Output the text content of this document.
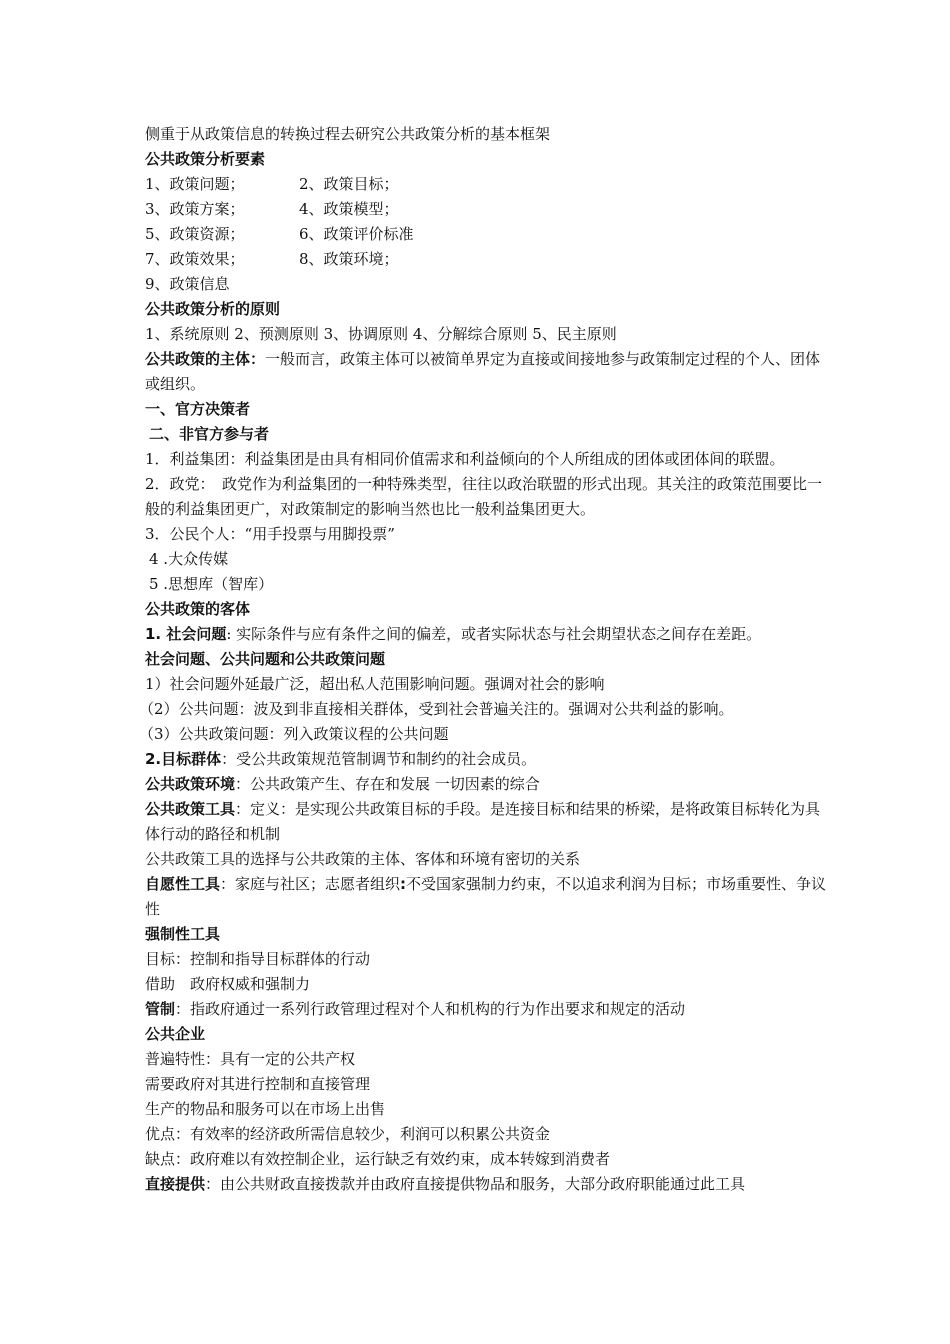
侧重于从政策信息的转换过程去研究公共政策分析的基本框架

公共政策分析要素

1、政策问题；	2、政策目标；

3、政策方案；	4、政策模型；

5、政策资源；	6、政策评价标准

7、政策效果；	8、政策环境；

9、政策信息

公共政策分析的原则

1、系统原则 2、预测原则 3、协调原则 4、分解综合原则 5、民主原则

公共政策的主体：一般而言，政策主体可以被简单界定为直接或间接地参与政策制定过程的个人、团体或组织。

一、官方决策者

二、非官方参与者

1．利益集团：利益集团是由具有相同价值需求和利益倾向的个人所组成的团体或团体间的联盟。

2．政党：　政党作为利益集团的一种特殊类型，往往以政治联盟的形式出现。其关注的政策范围要比一般的利益集团更广，对政策制定的影响当然也比一般利益集团更大。

3．公民个人：“用手投票与用脚投票”

4 .大众传媒

5 .思想库（智库）

公共政策的客体

1. 社会问题: 实际条件与应有条件之间的偏差，或者实际状态与社会期望状态之间存在差距。

社会问题、公共问题和公共政策问题

1）社会问题外延最广泛，超出私人范围影响问题。强调对社会的影响

（2）公共问题：波及到非直接相关群体，受到社会普遍关注的。强调对公共利益的影响。

（3）公共政策问题：列入政策议程的公共问题

2.目标群体：受公共政策规范管制调节和制约的社会成员。

公共政策环境：公共政策产生、存在和发展 一切因素的综合

公共政策工具：定义：是实现公共政策目标的手段。是连接目标和结果的桥梁，是将政策目标转化为具体行动的路径和机制

公共政策工具的选择与公共政策的主体、客体和环境有密切的关系

自愿性工具：家庭与社区；志愿者组织:不受国家强制力约束，不以追求利润为目标；市场重要性、争议性

强制性工具

目标：控制和指导目标群体的行动

借助　政府权威和强制力

管制：指政府通过一系列行政管理过程对个人和机构的行为作出要求和规定的活动

公共企业

普遍特性：具有一定的公共产权

需要政府对其进行控制和直接管理

生产的物品和服务可以在市场上出售

优点：有效率的经济政所需信息较少，利润可以积累公共资金

缺点：政府难以有效控制企业，运行缺乏有效约束，成本转嫁到消费者

直接提供：由公共财政直接拨款并由政府直接提供物品和服务，大部分政府职能通过此工具
